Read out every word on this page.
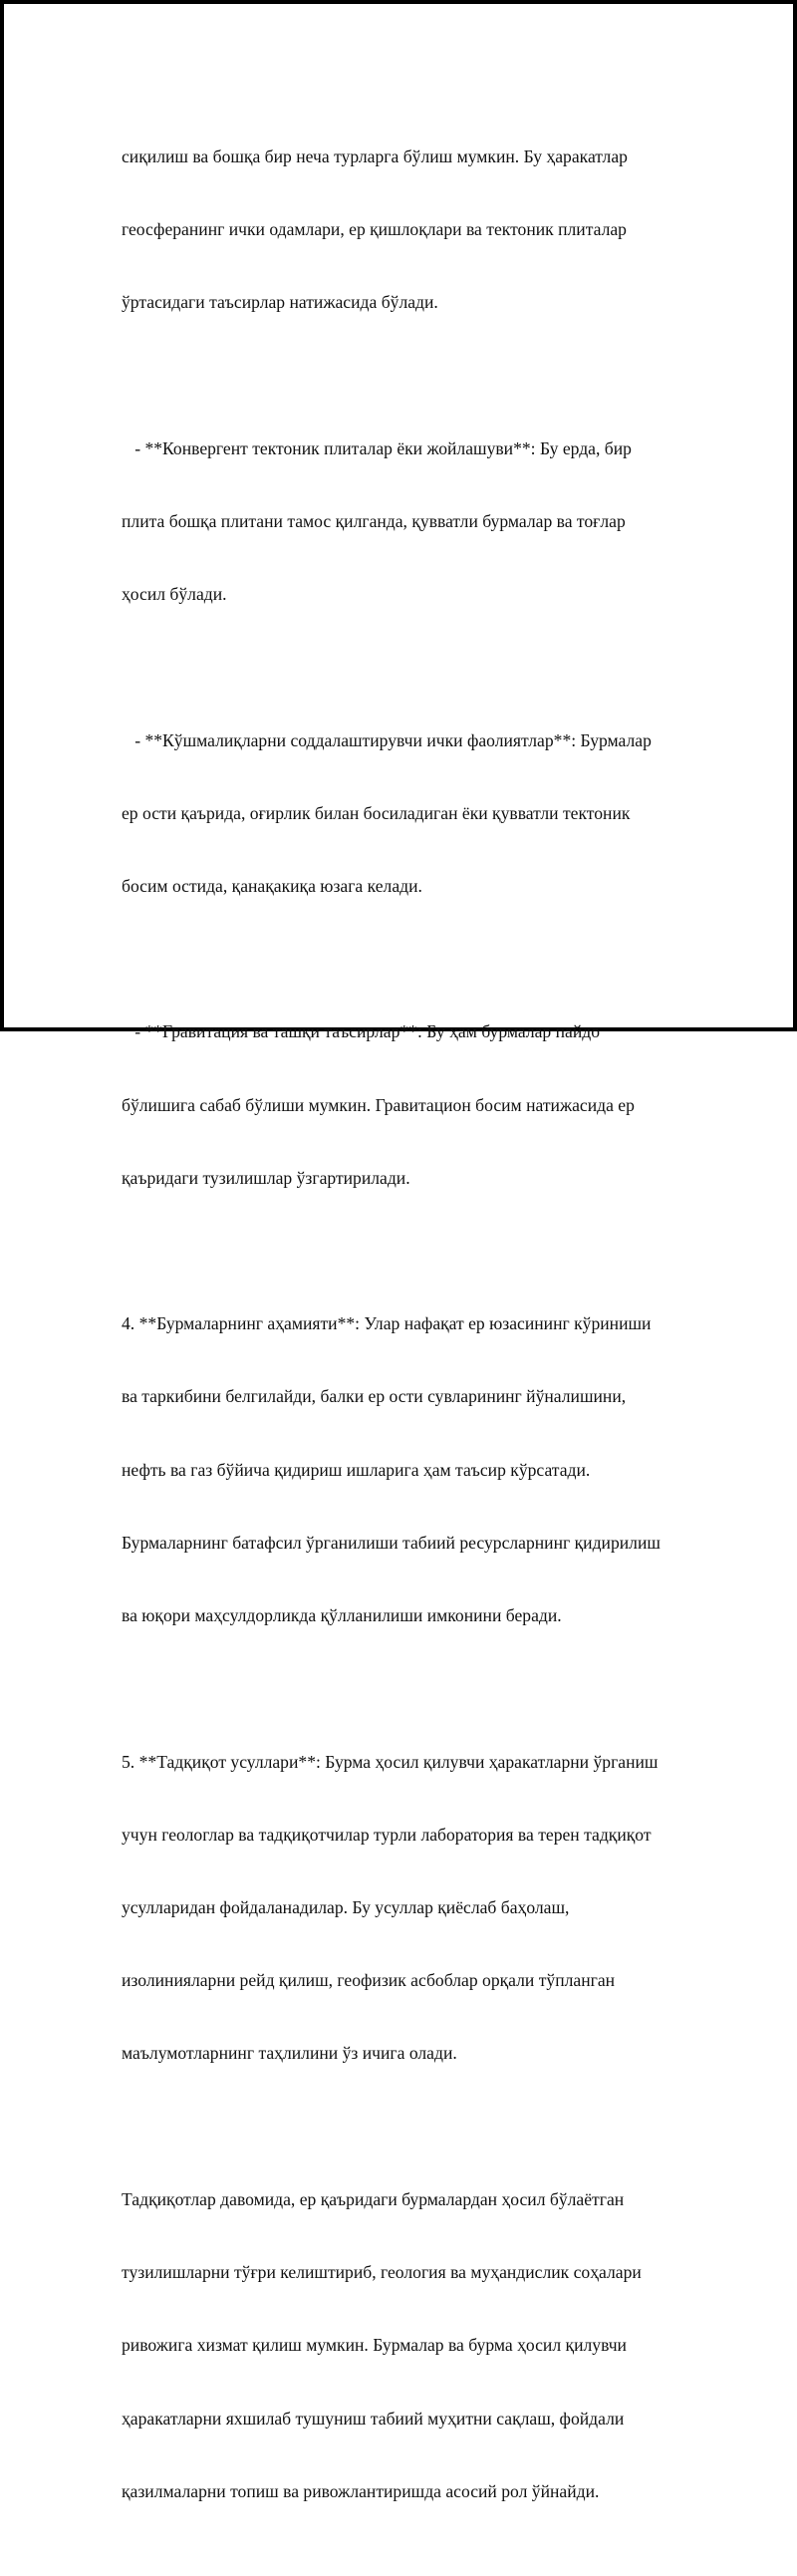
сиқилиш ва бошқа бир неча турларга бўлиш мумкин. Бу ҳаракатлар

геосферанинг ички одамлари, ер қишлоқлари ва тектоник плиталар

ўртасидаги таъсирлар натижасида бўлади.

- **Конвергент тектоник плиталар ёки жойлашуви**: Бу ерда, бир

плита бошқа плитани тамос қилганда, қувватли бурмалар ва тоғлар

ҳосил бўлади.

- **Кўшмалиқларни соддалаштирувчи ички фаолиятлар**: Бурмалар

ер ости қаърида, оғирлик билан босиладиган ёки қувватли тектоник

босим остида, қанақакиқа юзага келади.

- **Гравитация ва ташқи таъсирлар**: Бу ҳам бурмалар пайдо

бўлишига сабаб бўлиши мумкин. Гравитацион босим натижасида ер

қаъридаги тузилишлар ўзгартирилади.

4. **Бурмаларнинг аҳамияти**: Улар нафақат ер юзасининг кўриниши

ва таркибини белгилайди, балки ер ости сувларининг йўналишини,

нефть ва газ бўйича қидириш ишларига ҳам таъсир кўрсатади.

Бурмаларнинг батафсил ўрганилиши табиий ресурсларнинг қидирилиш

ва юқори маҳсулдорликда қўлланилиши имконини беради.

5. **Тадқиқот усуллари**: Бурма ҳосил қилувчи ҳаракатларни ўрганиш

учун геологлар ва тадқиқотчилар турли лаборатория ва терен тадқиқот

усулларидан фойдаланадилар. Бу усуллар қиёслаб баҳолаш,

изолинияларни рейд қилиш, геофизик асбоблар орқали тўпланган

маълумотларнинг таҳлилини ўз ичига олади.

Тадқиқотлар давомида, ер қаъридаги бурмалардан ҳосил бўлаётган

тузилишларни тўғри келиштириб, геология ва муҳандислик соҳалари

ривожига хизмат қилиш мумкин. Бурмалар ва бурма ҳосил қилувчи

ҳаракатларни яхшилаб тушуниш табиий муҳитни сақлаш, фойдали

қазилмаларни топиш ва ривожлантиришда асосий рол ўйнайди.
